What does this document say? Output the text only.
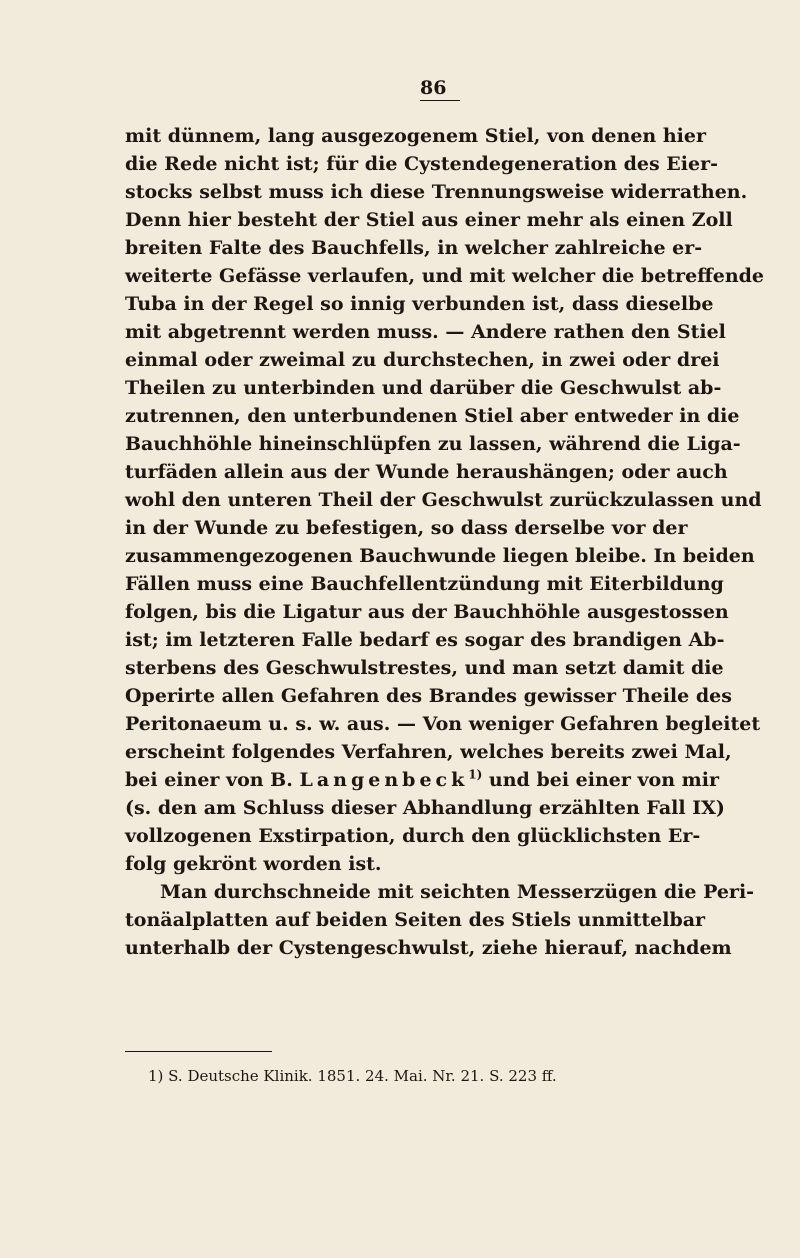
86
mit dünnem, lang ausgezogenem Stiel, von denen hier
die Rede nicht ist; für die Cystendegeneration des Eier-
stocks selbst muss ich diese Trennungsweise widerrathen.
Denn hier besteht der Stiel aus einer mehr als einen Zoll
breiten Falte des Bauchfells, in welcher zahlreiche er-
weiterte Gefässe verlaufen, und mit welcher die betreffende
Tuba in der Regel so innig verbunden ist, dass dieselbe
mit abgetrennt werden muss. — Andere rathen den Stiel
einmal oder zweimal zu durchstechen, in zwei oder drei
Theilen zu unterbinden und darüber die Geschwulst ab-
zutrennen, den unterbundenen Stiel aber entweder in die
Bauchhöhle hineinschlüpfen zu lassen, während die Liga-
turfäden allein aus der Wunde heraushängen; oder auch
wohl den unteren Theil der Geschwulst zurückzulassen und
in der Wunde zu befestigen, so dass derselbe vor der
zusammengezogenen Bauchwunde liegen bleibe. In beiden
Fällen muss eine Bauchfellentzündung mit Eiterbildung
folgen, bis die Ligatur aus der Bauchhöhle ausgestossen
ist; im letzteren Falle bedarf es sogar des brandigen Ab-
sterbens des Geschwulstrestes, und man setzt damit die
Operirte allen Gefahren des Brandes gewisser Theile des
Peritonaeum u. s. w. aus. — Von weniger Gefahren begleitet
erscheint folgendes Verfahren, welches bereits zwei Mal,
bei einer von B. Langenbeck$^{1)}$ und bei einer von mir
(s. den am Schluss dieser Abhandlung erzählten Fall IX)
vollzogenen Exstirpation, durch den glücklichsten Er-
folg gekrönt worden ist.
Man durchschneide mit seichten Messerzügen die Peri-
tonäalplatten auf beiden Seiten des Stiels unmittelbar
unterhalb der Cystengeschwulst, ziehe hierauf, nachdem
1) S. Deutsche Klinik. 1851. 24. Mai. Nr. 21. S. 223 ff.
